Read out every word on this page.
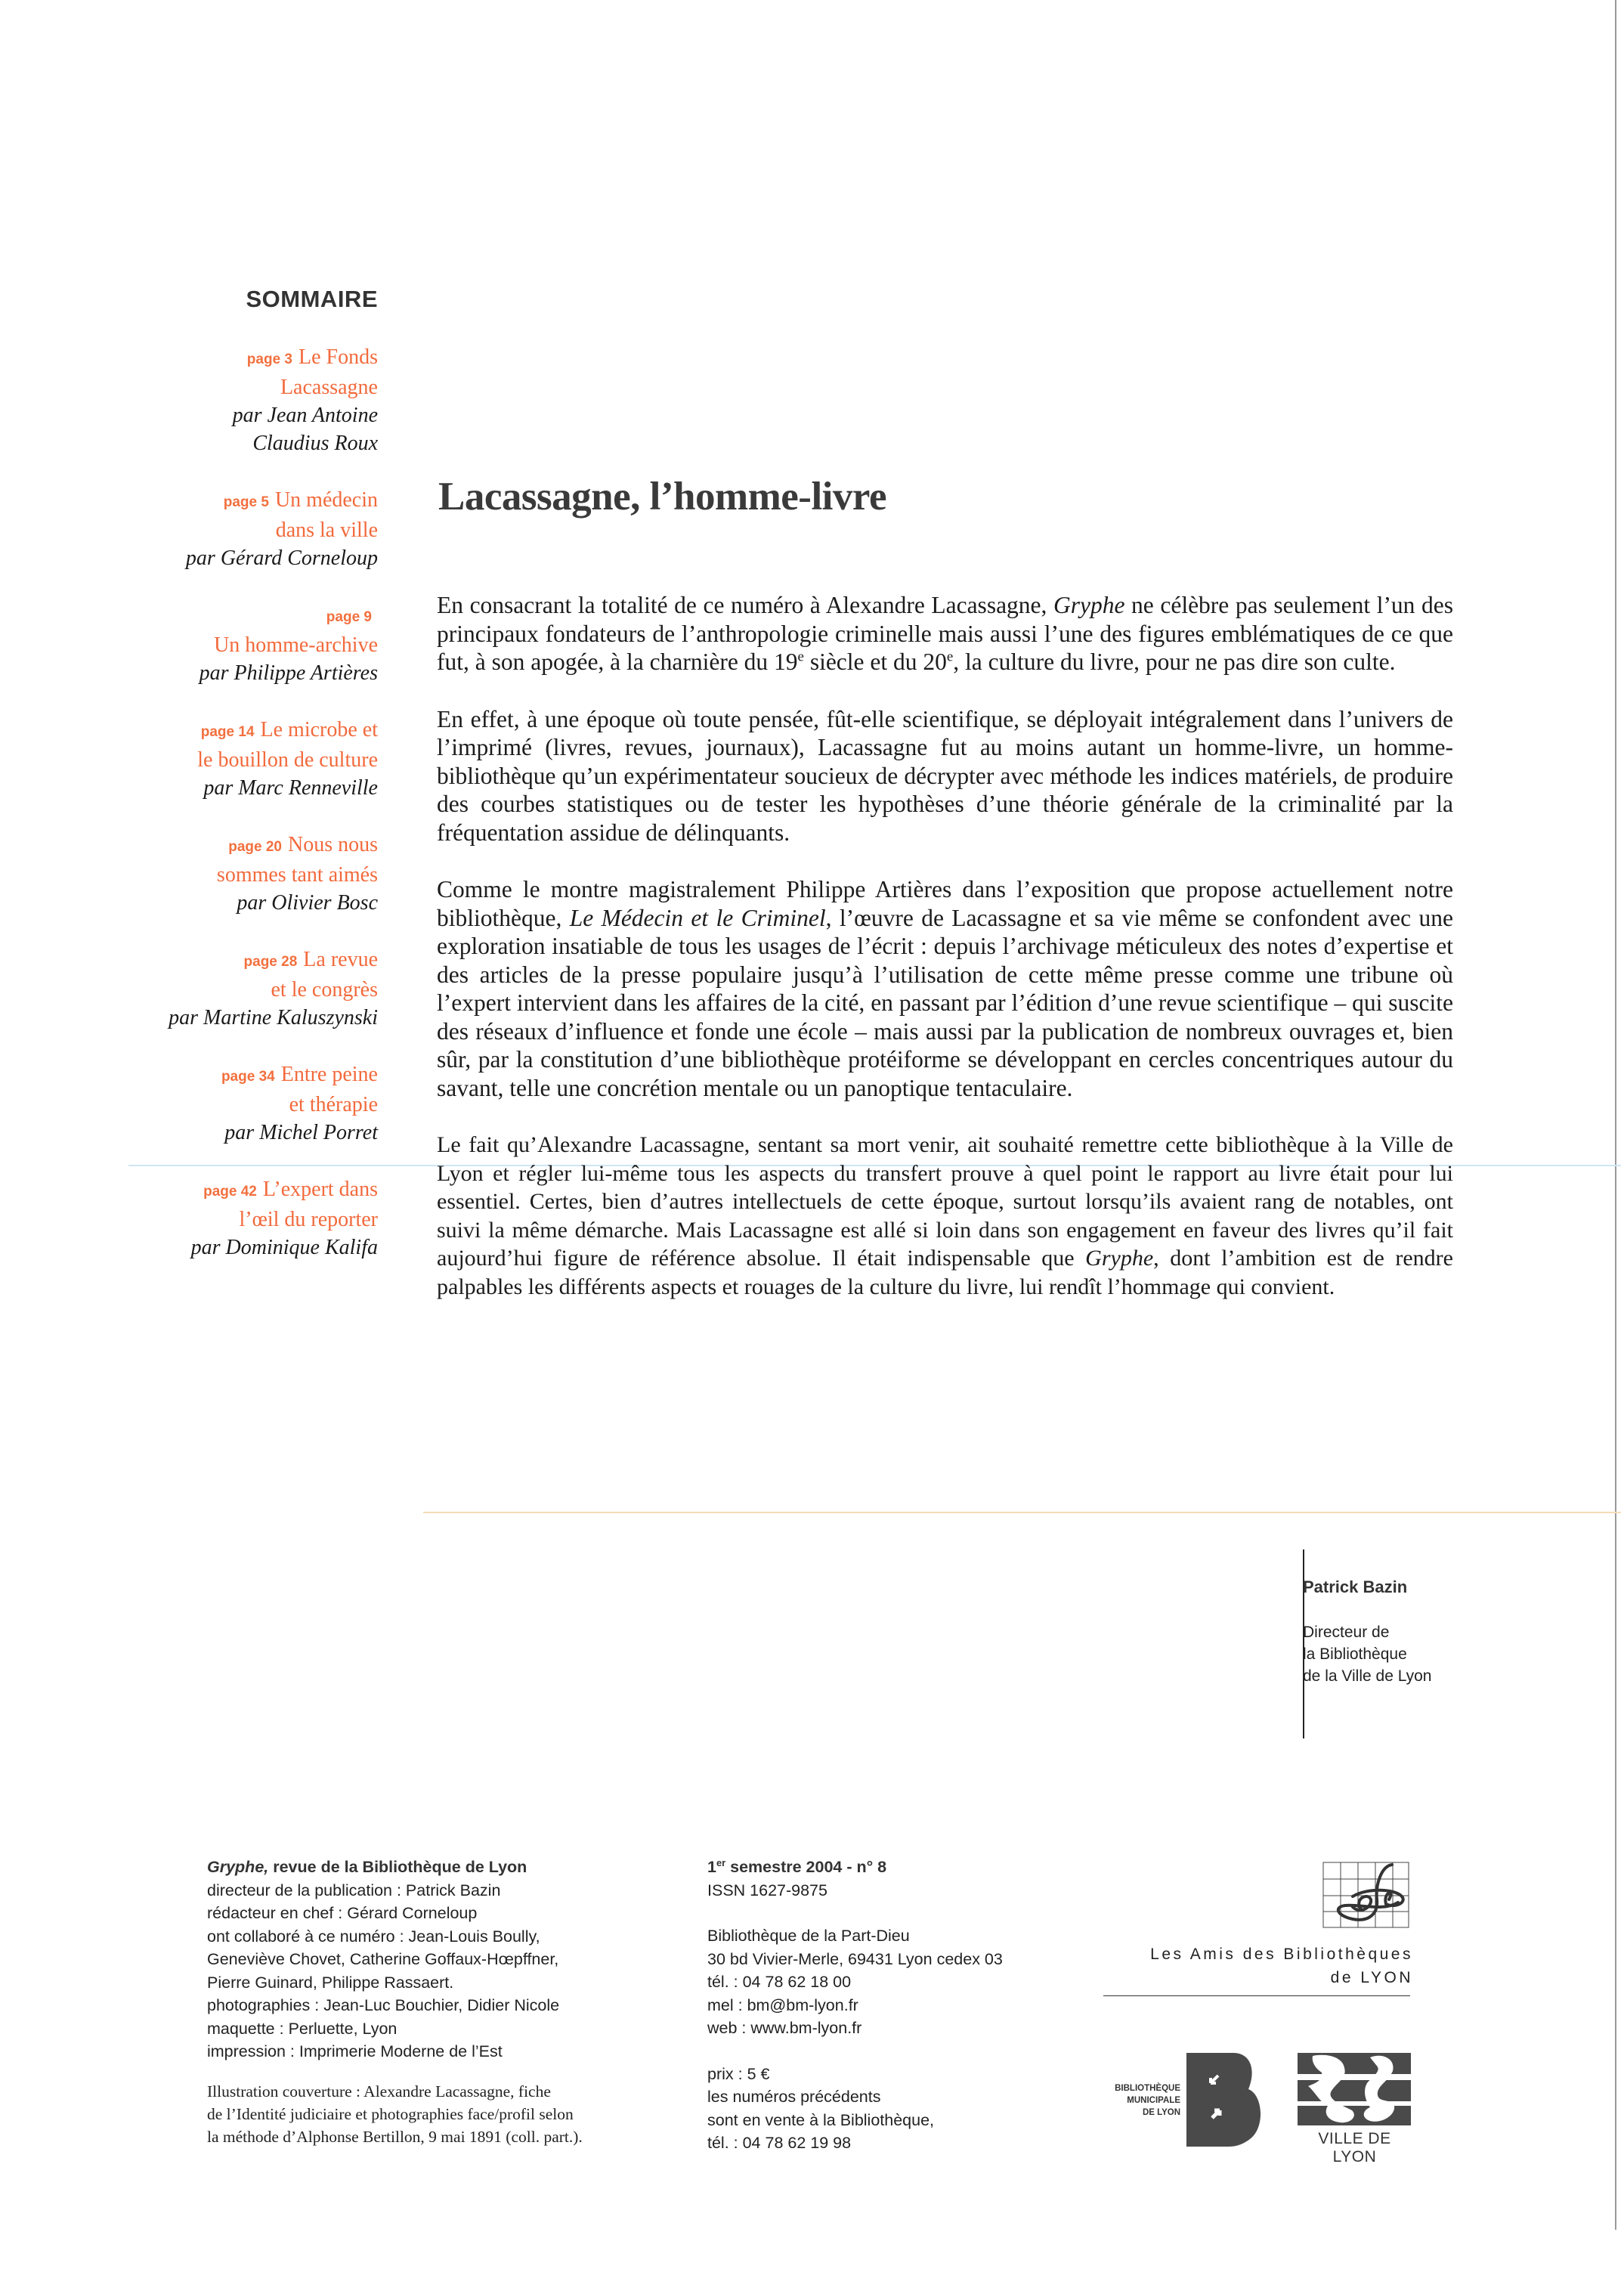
SOMMAIRE
page 3 Le Fonds
Lacassagne
par Jean Antoine
Claudius Roux
page 5 Un médecin
dans la ville
par Gérard Corneloup
page 9
Un homme-archive
par Philippe Artières
page 14 Le microbe et
le bouillon de culture
par Marc Renneville
page 20 Nous nous
sommes tant aimés
par Olivier Bosc
page 28 La revue
et le congrès
par Martine Kaluszynski
page 34 Entre peine
et thérapie
par Michel Porret
page 42 L’expert dans
l’œil du reporter
par Dominique Kalifa
Lacassagne, l’homme-livre

En consacrant la totalité de ce numéro à Alexandre Lacassagne, Gryphe ne célèbre pas seulement l’un des principaux fondateurs de l’anthropologie criminelle mais aussi l’une des figures emblématiques de ce que fut, à son apogée, à la charnière du 19e siècle et du 20e, la culture du livre, pour ne pas dire son culte.

En effet, à une époque où toute pensée, fût-elle scientifique, se déployait intégralement dans l’univers de l’imprimé (livres, revues, journaux), Lacassagne fut au moins autant un homme-livre, un homme-bibliothèque qu’un expérimentateur soucieux de décrypter avec méthode les indices matériels, de produire des courbes statistiques ou de tester les hypothèses d’une théorie générale de la criminalité par la fréquentation assidue de délinquants.

Comme le montre magistralement Philippe Artières dans l’exposition que propose actuellement notre bibliothèque, Le Médecin et le Criminel, l’œuvre de Lacassagne et sa vie même se confondent avec une exploration insatiable de tous les usages de l’écrit : depuis l’archivage méticuleux des notes d’expertise et des articles de la presse populaire jusqu’à l’utilisation de cette même presse comme une tribune où l’expert intervient dans les affaires de la cité, en passant par l’édition d’une revue scientifique – qui suscite des réseaux d’influence et fonde une école – mais aussi par la publication de nombreux ouvrages et, bien sûr, par la constitution d’une bibliothèque protéiforme se développant en cercles concentriques autour du savant, telle une concrétion mentale ou un panoptique tentaculaire.

Le fait qu’Alexandre Lacassagne, sentant sa mort venir, ait souhaité remettre cette bibliothèque à la Ville de Lyon et régler lui-même tous les aspects du transfert prouve à quel point le rapport au livre était pour lui essentiel. Certes, bien d’autres intellectuels de cette époque, surtout lorsqu’ils avaient rang de notables, ont suivi la même démarche. Mais Lacassagne est allé si loin dans son engagement en faveur des livres qu’il fait aujourd’hui figure de référence absolue. Il était indispensable que Gryphe, dont l’ambition est de rendre palpables les différents aspects et rouages de la culture du livre, lui rendît l’hommage qui convient.

Patrick Bazin
Directeur de
la Bibliothèque
de la Ville de Lyon
Gryphe, revue de la Bibliothèque de Lyon
directeur de la publication : Patrick Bazin
rédacteur en chef : Gérard Corneloup
ont collaboré à ce numéro : Jean-Louis Boully,
Geneviève Chovet, Catherine Goffaux-Hœpffner,
Pierre Guinard, Philippe Rassaert.
photographies : Jean-Luc Bouchier, Didier Nicole
maquette : Perluette, Lyon
impression : Imprimerie Moderne de l’Est
Illustration couverture : Alexandre Lacassagne, fiche
de l’Identité judiciaire et photographies face/profil selon
la méthode d’Alphonse Bertillon, 9 mai 1891 (coll. part.).
1er semestre 2004 - n° 8
ISSN 1627-9875
Bibliothèque de la Part-Dieu
30 bd Vivier-Merle, 69431 Lyon cedex 03
tél. : 04 78 62 18 00
mel : bm@bm-lyon.fr
web : www.bm-lyon.fr
prix : 5 €
les numéros précédents
sont en vente à la Bibliothèque,
tél. : 04 78 62 19 98
Les Amis des Bibliothèques
de LYON
BIBLIOTHÈQUE
MUNICIPALE
DE LYON
VILLE DE LYON
